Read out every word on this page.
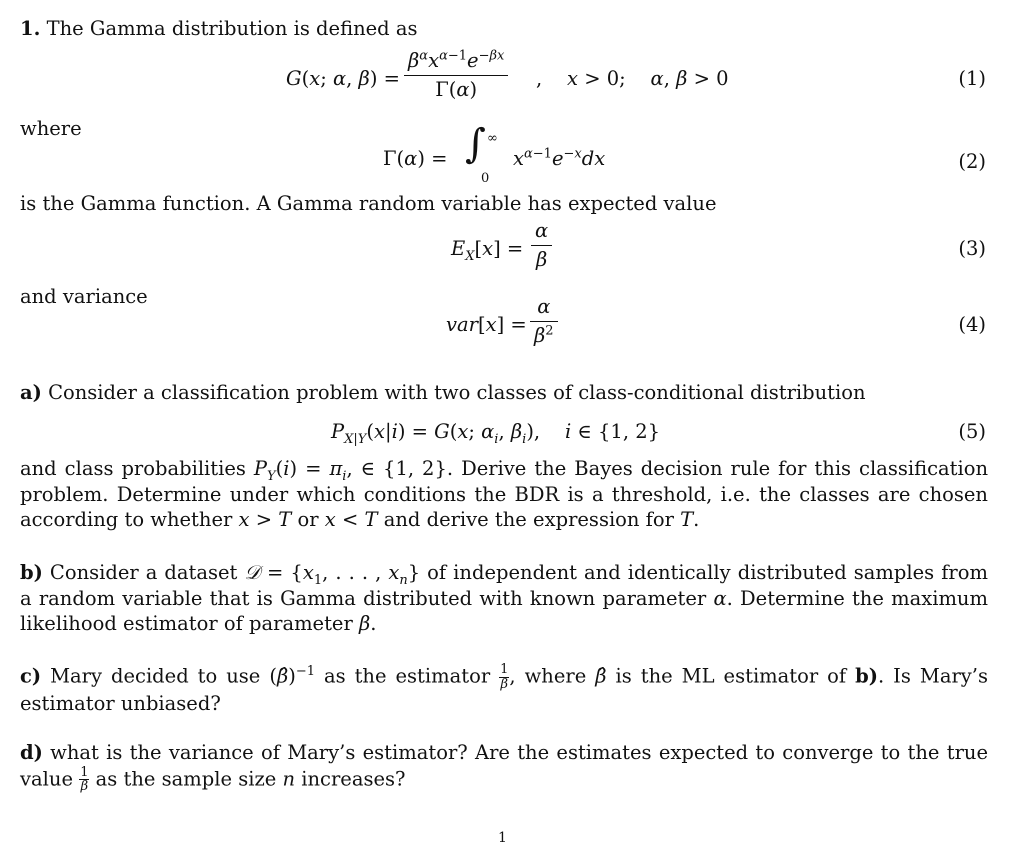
1. The Gamma distribution is defined as
G(x; α, β) =
$\beta^\alpha x^{\alpha-1}e^{-\beta x}$
Γ(α)	,    x > 0;    α, β > 0	(1)
where
Γ(α) = ∫ ∞
0
$x^{\alpha-1}e^{-x}dx$	(2)
is the Gamma function. A Gamma random variable has expected value
$E_X[x] = \frac{\alpha}{\beta}$	(3)
and variance
$var[x] = \frac{\alpha}{\beta^2}$	(4)
a) Consider a classification problem with two classes of class-conditional distribution
$P_{X|Y}(x|i) = G(x$; $\alpha_i$, $\beta_i$),    i ∈ {1, 2}	(5)
and class probabilities $P_Y(i) = \pi_i$, ∈ {1, 2}. Derive the Bayes decision rule for this classification problem. Determine under which conditions the BDR is a threshold, i.e. the classes are chosen according to whether x > T or x < T and derive the expression for T.
b) Consider a dataset 𝒟 = {$x_1$, . . . , $x_n$} of independent and identically distributed samples from a random variable that is Gamma distributed with known parameter α. Determine the maximum likelihood estimator of parameter β.
c) Mary decided to use (β̂)$^{-1}$ as the estimator $\frac{1}{\beta}$ , where β̂ is the ML estimator of b). Is Mary’s estimator unbiased?
d) what is the variance of Mary’s estimator? Are the estimates expected to converge to the true value $\frac{1}{\beta}$ as the sample size n increases?
1
